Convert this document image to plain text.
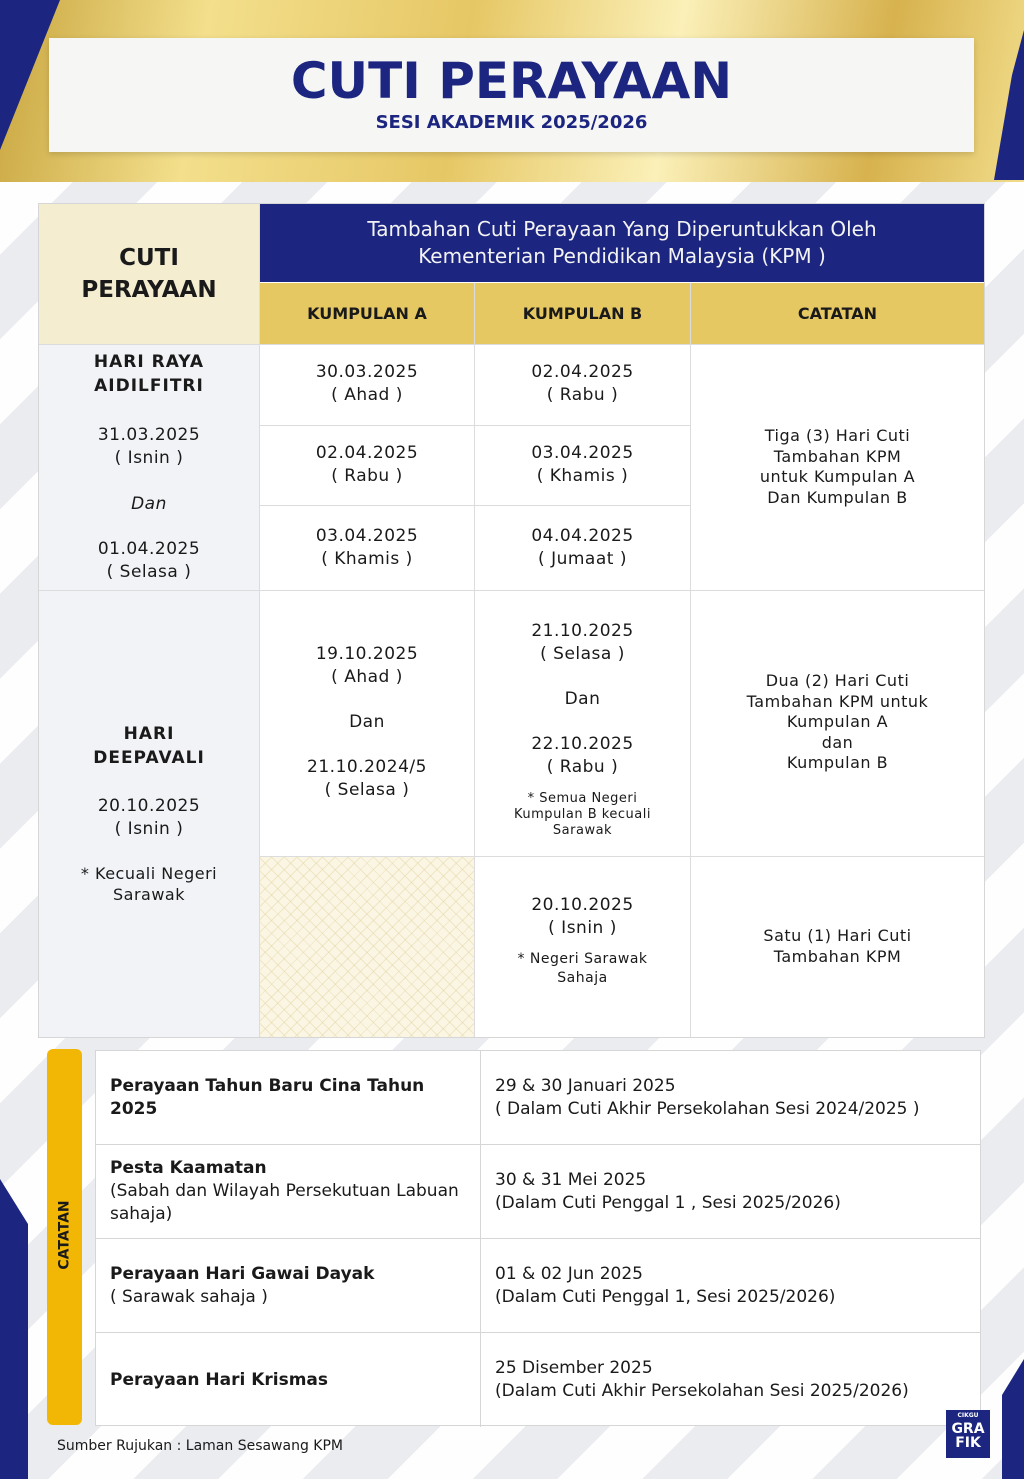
CUTI PERAYAAN
SESI AKADEMIK 2025/2026
CUTI
PERAYAAN
Tambahan Cuti Perayaan Yang Diperuntukkan Oleh
Kementerian Pendidikan Malaysia (KPM )
KUMPULAN A	KUMPULAN B	CATATAN
HARI RAYA
AIDILFITRI
31.03.2025
( Isnin )
Dan
01.04.2025
( Selasa )
30.03.2025
( Ahad )
02.04.2025
( Rabu )
03.04.2025
( Khamis )
02.04.2025
( Rabu )
03.04.2025
( Khamis )
04.04.2025
( Jumaat )
Tiga (3) Hari Cuti
Tambahan KPM
untuk Kumpulan A
Dan Kumpulan B
HARI
DEEPAVALI
20.10.2025
( Isnin )
* Kecuali Negeri
Sarawak
19.10.2025
( Ahad )
Dan
21.10.2024/5
( Selasa )
21.10.2025
( Selasa )
Dan
22.10.2025
( Rabu )
* Semua Negeri
Kumpulan B kecuali
Sarawak
Dua (2) Hari Cuti
Tambahan KPM untuk
Kumpulan A
dan
Kumpulan B
20.10.2025
( Isnin )
* Negeri Sarawak
Sahaja
Satu (1) Hari Cuti
Tambahan KPM
CATATAN
Perayaan Tahun Baru Cina Tahun 2025
29 & 30 Januari 2025
( Dalam Cuti Akhir Persekolahan Sesi 2024/2025 )
Pesta Kaamatan
(Sabah dan Wilayah Persekutuan Labuan sahaja)
30 & 31 Mei 2025
(Dalam Cuti Penggal 1 , Sesi 2025/2026)
Perayaan Hari Gawai Dayak
( Sarawak sahaja )
01 & 02 Jun 2025
(Dalam Cuti Penggal 1, Sesi 2025/2026)
Perayaan Hari Krismas
25 Disember 2025
(Dalam Cuti Akhir Persekolahan Sesi 2025/2026)
Sumber Rujukan : Laman Sesawang KPM
CIKGU
GRA
FIK
